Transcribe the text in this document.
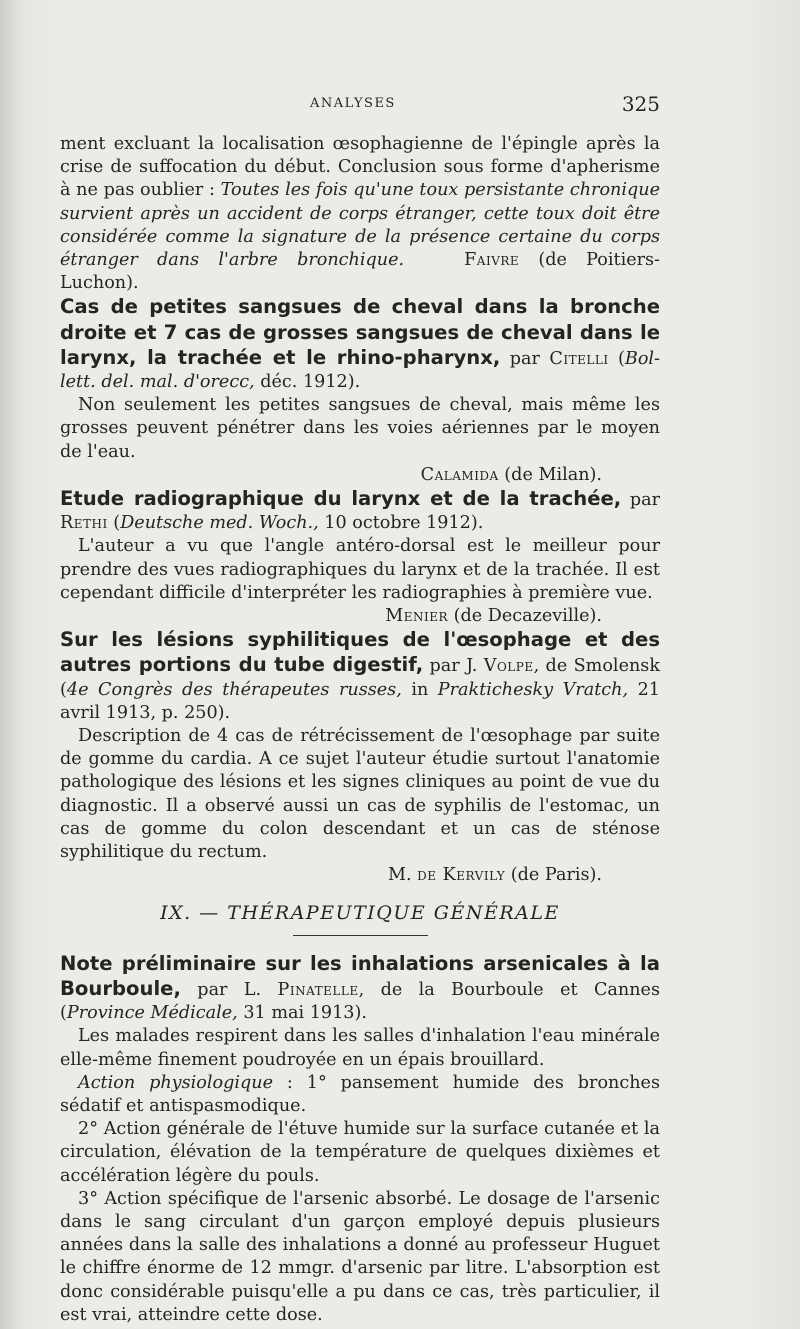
ANALYSES	325

ment excluant la localisation œsophagienne de l'épingle après la crise de suffocation du début. Conclusion sous forme d'apherisme à ne pas oublier : Toutes les fois qu'une toux persistante chronique survient après un accident de corps étranger, cette toux doit être considérée comme la signature de la présence certaine du corps étranger dans l'arbre bronchique.	Faivre (de Poitiers-Luchon).

Cas de petites sangsues de cheval dans la bronche droite et 7 cas de grosses sangsues de cheval dans le larynx, la trachée et le rhino-pharynx, par Citelli (Bol-lett. del. mal. d'orecc, déc. 1912).

Non seulement les petites sangsues de cheval, mais même les grosses peuvent pénétrer dans les voies aériennes par le moyen de l'eau.

Calamida (de Milan).

Etude radiographique du larynx et de la trachée, par Rethi (Deutsche med. Woch., 10 octobre 1912).

L'auteur a vu que l'angle antéro-dorsal est le meilleur pour prendre des vues radiographiques du larynx et de la trachée. Il est cependant difficile d'interpréter les radiographies à première vue.

Menier (de Decazeville).

Sur les lésions syphilitiques de l'œsophage et des autres portions du tube digestif, par J. Volpe, de Smolensk (4e Congrès des thérapeutes russes, in Praktichesky Vratch, 21 avril 1913, p. 250).

Description de 4 cas de rétrécissement de l'œsophage par suite de gomme du cardia. A ce sujet l'auteur étudie surtout l'anatomie pathologique des lésions et les signes cliniques au point de vue du diagnostic. Il a observé aussi un cas de syphilis de l'estomac, un cas de gomme du colon descendant et un cas de sténose syphilitique du rectum.

M. de Kervily (de Paris).

IX. — THÉRAPEUTIQUE GÉNÉRALE

Note préliminaire sur les inhalations arsenicales à la Bourboule, par L. Pinatelle, de la Bourboule et Cannes (Province Médicale, 31 mai 1913).

Les malades respirent dans les salles d'inhalation l'eau minérale elle-même finement poudroyée en un épais brouillard.

Action physiologique : 1° pansement humide des bronches sédatif et antispasmodique.

2° Action générale de l'étuve humide sur la surface cutanée et la circulation, élévation de la température de quelques dixièmes et accélération légère du pouls.

3° Action spécifique de l'arsenic absorbé. Le dosage de l'arsenic dans le sang circulant d'un garçon employé depuis plusieurs années dans la salle des inhalations a donné au professeur Huguet le chiffre énorme de 12 mmgr. d'arsenic par litre. L'absorption est donc considérable puisqu'elle a pu dans ce cas, très particulier, il est vrai, atteindre cette dose.
